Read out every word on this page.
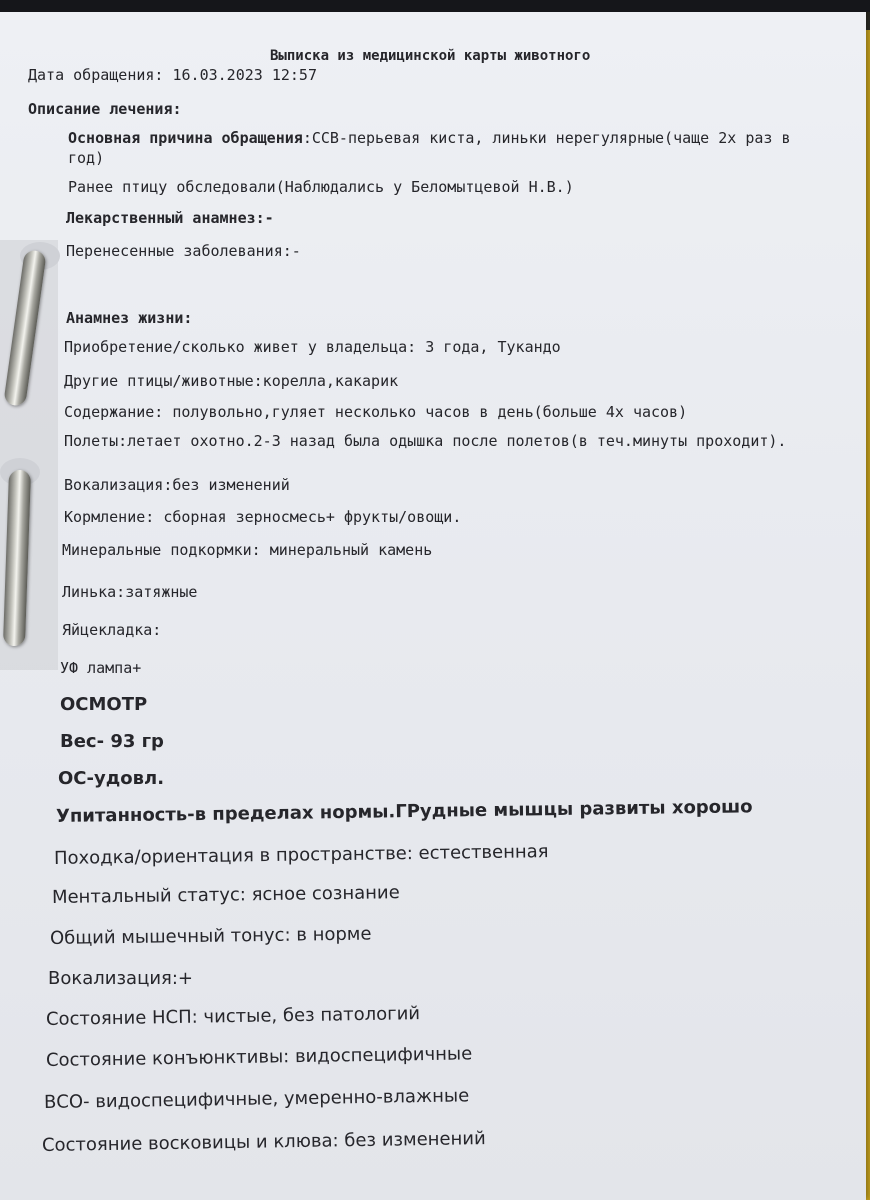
Выписка из медицинской карты животного
Дата обращения: 16.03.2023 12:57
Описание лечения:
Основная причина обращения:ССВ-перьевая киста, линьки нерегулярные(чаще 2х раз в
год)
Ранее птицу обследовали(Наблюдались у Беломытцевой Н.В.)
Лекарственный анамнез:-
Перенесенные заболевания:-
Анамнез жизни:
Приобретение/сколько живет у владельца: 3 года, Тукандо
Другие птицы/животные:корелла,какарик
Содержание: полувольно,гуляет несколько часов в день(больше 4х часов)
Полеты:летает охотно.2-3 назад была одышка после полетов(в теч.минуты проходит).
Вокализация:без изменений
Кормление: сборная зерносмесь+ фрукты/овощи.
Минеральные подкормки: минеральный камень
Линька:затяжные
Яйцекладка:
УФ лампа+
ОСМОТР
Вес- 93 гр
ОС-удовл.
Упитанность-в пределах нормы.ГРудные мышцы развиты хорошо
Походка/ориентация в пространстве: естественная
Ментальный статус: ясное сознание
Общий мышечный тонус: в норме
Вокализация:+
Состояние НСП: чистые, без патологий
Состояние конъюнктивы: видоспецифичные
ВСО- видоспецифичные, умеренно-влажные
Состояние восковицы и клюва: без изменений
